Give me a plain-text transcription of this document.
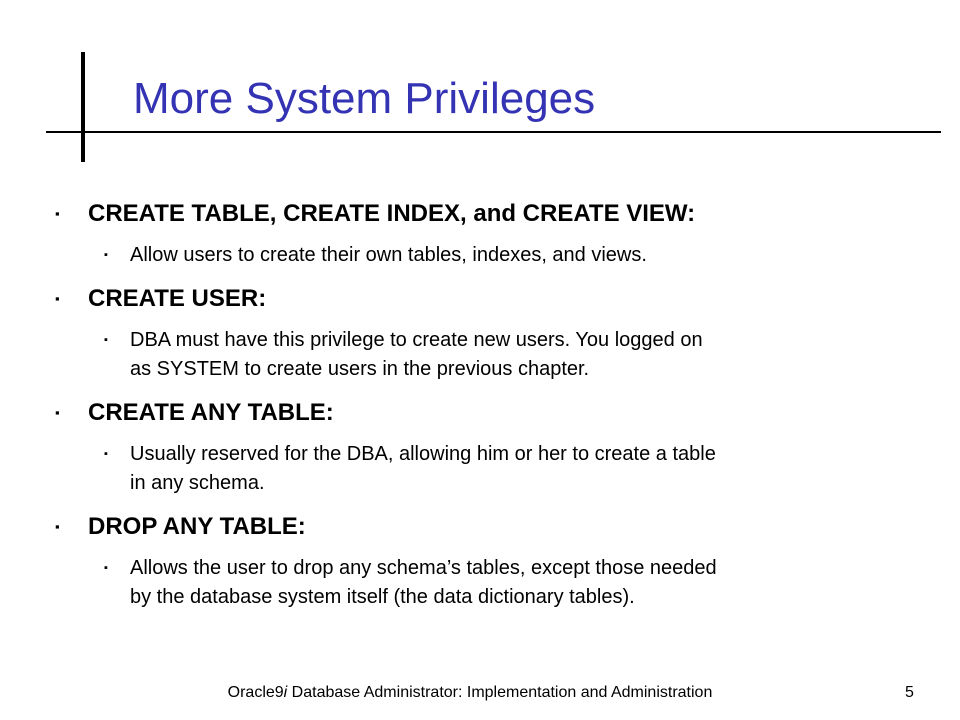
More System Privileges
▪ CREATE TABLE, CREATE INDEX, and CREATE VIEW:
▪ Allow users to create their own tables, indexes, and views.
▪ CREATE USER:
▪ DBA must have this privilege to create new users. You logged on
as SYSTEM to create users in the previous chapter.
▪ CREATE ANY TABLE:
▪ Usually reserved for the DBA, allowing him or her to create a table
in any schema.
▪ DROP ANY TABLE:
▪ Allows the user to drop any schema’s tables, except those needed
by the database system itself (the data dictionary tables).
Oracle9i Database Administrator: Implementation and Administration	5
